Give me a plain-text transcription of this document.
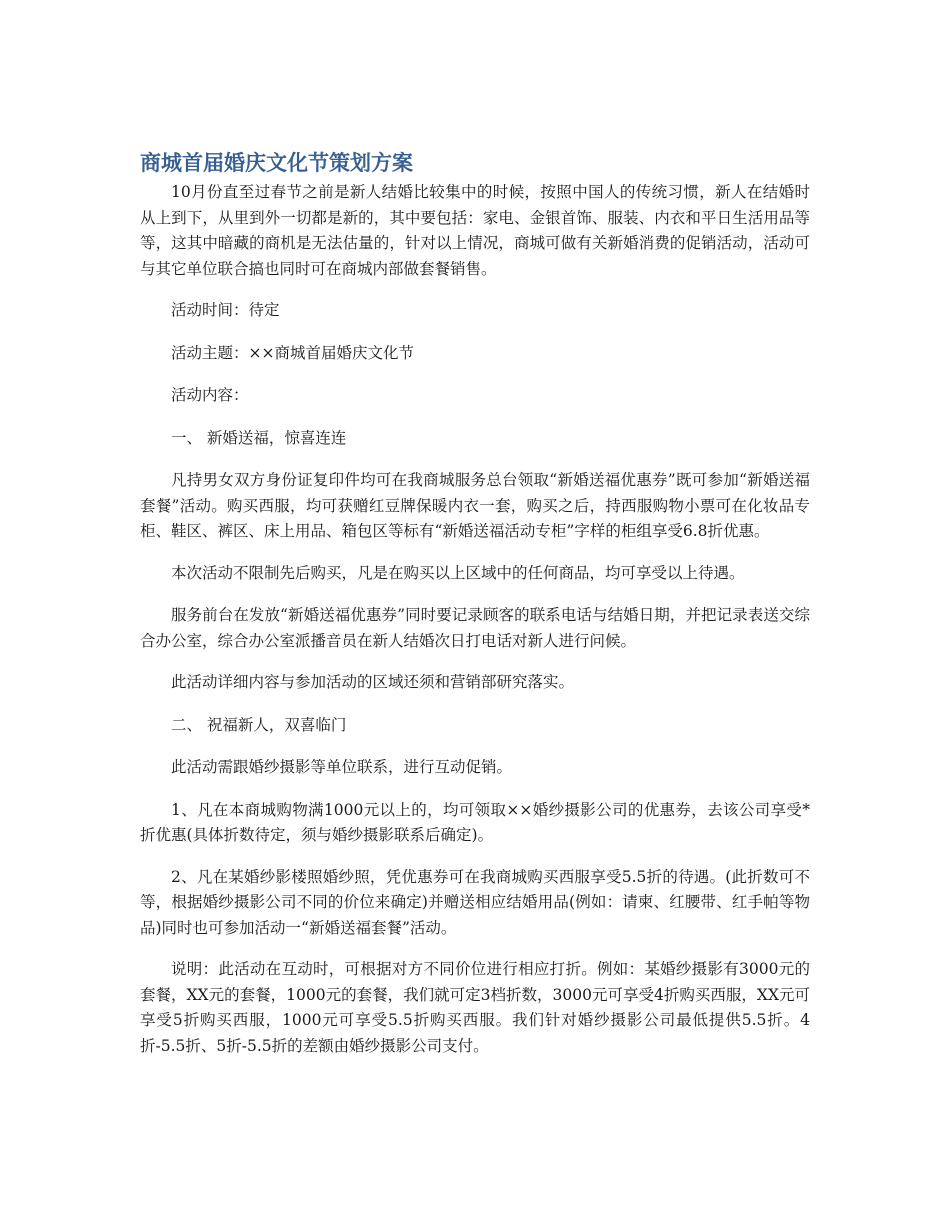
商城首届婚庆文化节策划方案

10月份直至过春节之前是新人结婚比较集中的时候，按照中国人的传统习惯，新人在结婚时从上到下，从里到外一切都是新的，其中要包括：家电、金银首饰、服装、内衣和平日生活用品等等，这其中暗藏的商机是无法估量的，针对以上情况，商城可做有关新婚消费的促销活动，活动可与其它单位联合搞也同时可在商城内部做套餐销售。

活动时间：待定

活动主题：××商城首届婚庆文化节

活动内容：

一、 新婚送福，惊喜连连

凡持男女双方身份证复印件均可在我商城服务总台领取“新婚送福优惠券”既可参加“新婚送福套餐”活动。购买西服，均可获赠红豆牌保暖内衣一套，购买之后，持西服购物小票可在化妆品专柜、鞋区、裤区、床上用品、箱包区等标有“新婚送福活动专柜”字样的柜组享受6.8折优惠。

本次活动不限制先后购买，凡是在购买以上区域中的任何商品，均可享受以上待遇。

服务前台在发放“新婚送福优惠券”同时要记录顾客的联系电话与结婚日期，并把记录表送交综合办公室，综合办公室派播音员在新人结婚次日打电话对新人进行问候。

此活动详细内容与参加活动的区域还须和营销部研究落实。

二、 祝福新人，双喜临门

此活动需跟婚纱摄影等单位联系，进行互动促销。

1、凡在本商城购物满1000元以上的，均可领取××婚纱摄影公司的优惠券，去该公司享受*折优惠(具体折数待定，须与婚纱摄影联系后确定)。

2、凡在某婚纱影楼照婚纱照，凭优惠券可在我商城购买西服享受5.5折的待遇。(此折数可不等，根据婚纱摄影公司不同的价位来确定)并赠送相应结婚用品(例如：请柬、红腰带、红手帕等物品)同时也可参加活动一“新婚送福套餐”活动。

说明：此活动在互动时，可根据对方不同价位进行相应打折。例如：某婚纱摄影有3000元的套餐，XX元的套餐，1000元的套餐，我们就可定3档折数，3000元可享受4折购买西服，XX元可享受5折购买西服，1000元可享受5.5折购买西服。我们针对婚纱摄影公司最低提供5.5折。4折-5.5折、5折-5.5折的差额由婚纱摄影公司支付。
